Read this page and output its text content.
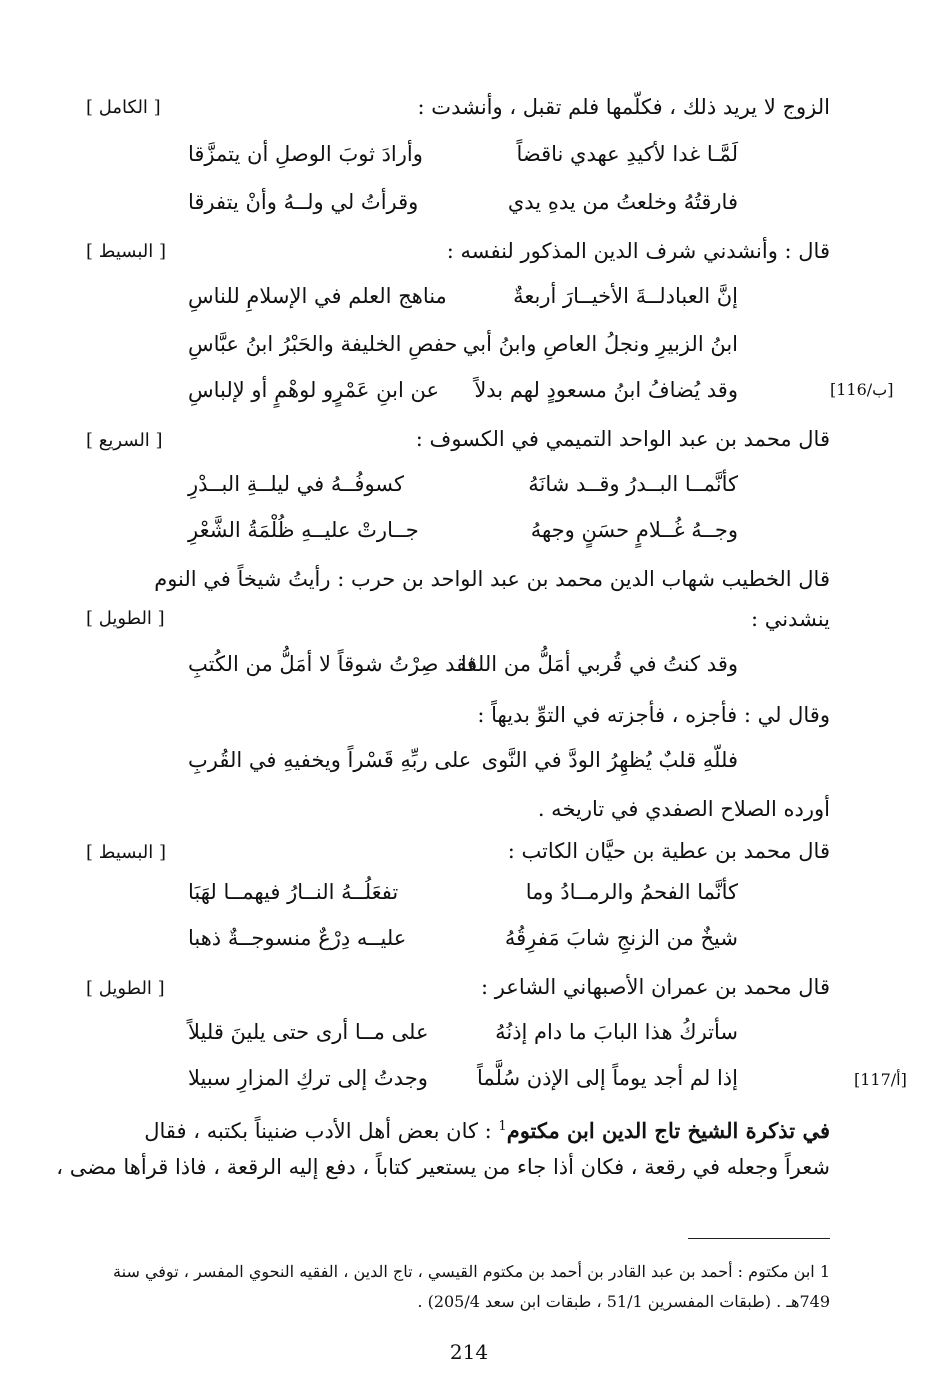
الزوج لا يريد ذلك ، فكلّمها فلم تقبل ، وأنشدت :
[ الكامل ]
لَمَّـا غدا لأكيدِ عهدي ناقضاً
وأرادَ ثوبَ الوصلِ أن يتمزَّقا
فارقتُهُ وخلعتُ من يدهِ يدي
وقرأتُ لي ولــهُ وأنْ يتفرقا
قال : وأنشدني شرف الدين المذكور لنفسه :
[ البسيط ]
إنَّ العبادلــةَ الأخيــارَ أربعةٌ
مناهج العلم في الإسلامِ للناسِ
ابنُ الزبيرِ ونجلُ العاصِ وابنُ أبي
حفصِ الخليفة والحَبْرُ ابنُ عبَّاسِ
وقد يُضافُ ابنُ مسعودٍ لهم بدلاً
عن ابنِ عَمْرٍو لوهْمٍ أو لإلباسِ	[116/ب]
قال محمد بن عبد الواحد التميمي في الكسوف :
[ السريع ]
كأنَّمــا البــدرُ وقــد شانَهُ
كسوفُــهُ في ليلــةِ البــدْرِ
وجــهُ غُــلامٍ حسَنٍ وجههُ
جــارتْ عليــهِ ظُلْمَةُ الشَّعْرِ
قال الخطيب شهاب الدين محمد بن عبد الواحد بن حرب : رأيتُ شيخاً في النوم
ينشدني :
[ الطويل ]
وقد كنتُ في قُربي أمَلُّ من اللقا
فقد صِرْتُ شوقاً لا أمَلُّ من الكُتبِ
وقال لي : فأجزه ، فأجزته في التوِّ بديهاً :
فللّهِ قلبٌ يُظهِرُ الودَّ في النَّوى
على ربِّهِ قَسْراً ويخفيهِ في القُربِ
أورده الصلاح الصفدي في تاريخه .
قال محمد بن عطية بن حيَّان الكاتب :
[ البسيط ]
كأنَّما الفحمُ والرمــادُ وما
تفعَلُــهُ النــارُ فيهمــا لهَبَا
شيخٌ من الزنجِ شابَ مَفرِقُهُ
عليــه دِرْعٌ منسوجــةٌ ذهبا
قال محمد بن عمران الأصبهاني الشاعر :
[ الطويل ]
سأتركُ هذا البابَ ما دام إذنُهُ
على مــا أرى حتى يلينَ قليلاً
إذا لم أجد يوماً إلى الإذن سُلَّماً
وجدتُ إلى تركِ المزارِ سبيلا	[117/أ]
في تذكرة الشيخ تاج الدين ابن مكتوم$^1$ : كان بعض أهل الأدب ضنيناً بكتبه ، فقال
شعراً وجعله في رقعة ، فكان أذا جاء من يستعير كتاباً ، دفع إليه الرقعة ، فاذا قرأها مضى ،
1 ابن مكتوم : أحمد بن عبد القادر بن أحمد بن مكتوم القيسي ، تاج الدين ، الفقيه النحوي المفسر ، توفي سنة
749هـ . (طبقات المفسرين 51/1 ، طبقات ابن سعد 205/4) .
214
